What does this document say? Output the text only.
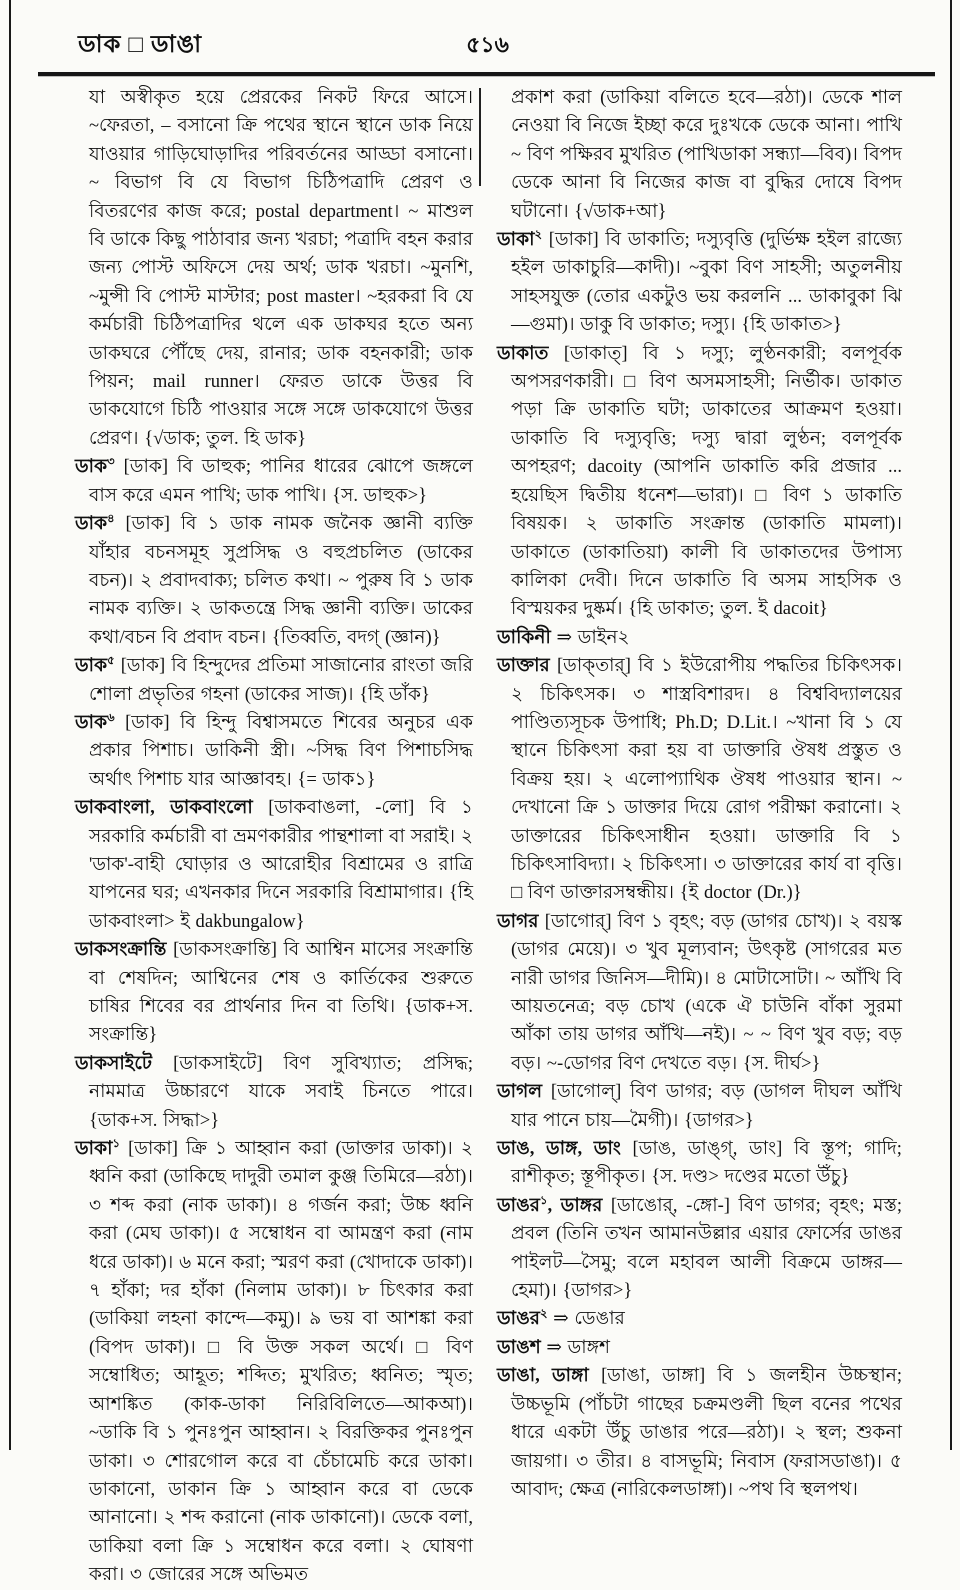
ডাক □ ডাঙা	৫১৬
যা অস্বীকৃত হয়ে প্রেরকের নিকট ফিরে আসে। ~ফেরতা, – বসানো ক্রি পথের স্থানে স্থানে ডাক নিয়ে যাওয়ার গাড়িঘোড়াদির পরিবর্তনের আড্ডা বসানো। ~ বিভাগ বি যে বিভাগ চিঠিপত্রাদি প্রেরণ ও বিতরণের কাজ করে; postal department। ~ মাশুল বি ডাকে কিছু পাঠাবার জন্য খরচা; পত্রাদি বহন করার জন্য পোস্ট অফিসে দেয় অর্থ; ডাক খরচা। ~মুনশি, ~মুন্সী বি পোস্ট মাস্টার; post master। ~হরকরা বি যে কর্মচারী চিঠিপত্রাদির থলে এক ডাকঘর হতে অন্য ডাকঘরে পৌঁছে দেয়, রানার; ডাক বহনকারী; ডাক পিয়ন; mail runner। ফেরত ডাকে উত্তর বি ডাকযোগে চিঠি পাওয়ার সঙ্গে সঙ্গে ডাকযোগে উত্তর প্রেরণ। {√ডাক; তুল. হি ডাক}
ডাক$^৩$ [ডাক] বি ডাহুক; পানির ধারের ঝোপে জঙ্গলে বাস করে এমন পাখি; ডাক পাখি। {স. ডাহুক>}
ডাক$^৪$ [ডাক] বি ১ ডাক নামক জনৈক জ্ঞানী ব্যক্তি যাঁহার বচনসমূহ সুপ্রসিদ্ধ ও বহুপ্রচলিত (ডাকের বচন)। ২ প্রবাদবাক্য; চলিত কথা। ~ পুরুষ বি ১ ডাক নামক ব্যক্তি। ২ ডাকতন্ত্রে সিদ্ধ জ্ঞানী ব্যক্তি। ডাকের কথা/বচন বি প্রবাদ বচন। {তিব্বতি, বদগ্ (জ্ঞান)}
ডাক$^৫$ [ডাক] বি হিন্দুদের প্রতিমা সাজানোর রাংতা জরি শোলা প্রভৃতির গহনা (ডাকের সাজ)। {হি ডাঁক}
ডাক$^৬$ [ডাক] বি হিন্দু বিশ্বাসমতে শিবের অনুচর এক প্রকার পিশাচ। ডাকিনী স্ত্রী। ~সিদ্ধ বিণ পিশাচসিদ্ধ অর্থাৎ পিশাচ যার আজ্ঞাবহ। {= ডাক১}
ডাকবাংলা, ডাকবাংলো [ডাকবাঙলা, -লো] বি ১ সরকারি কর্মচারী বা ভ্রমণকারীর পান্থশালা বা সরাই। ২ 'ডাক'-বাহী ঘোড়ার ও আরোহীর বিশ্রামের ও রাত্রি যাপনের ঘর; এখনকার দিনে সরকারি বিশ্রামাগার। {হি ডাকবাংলা> ই dakbungalow}
ডাকসংক্রান্তি [ডাকসংক্রান্তি] বি আশ্বিন মাসের সংক্রান্তি বা শেষদিন; আশ্বিনের শেষ ও কার্তিকের শুরুতে চাষির শিবের বর প্রার্থনার দিন বা তিথি। {ডাক+স. সংক্রান্তি}
ডাকসাইটে [ডাকসাইটে] বিণ সুবিখ্যাত; প্রসিদ্ধ; নামমাত্র উচ্চারণে যাকে সবাই চিনতে পারে। {ডাক+স. সিদ্ধা>}
ডাকা$^১$ [ডাকা] ক্রি ১ আহ্বান করা (ডাক্তার ডাকা)। ২ ধ্বনি করা (ডাকিছে দাদুরী তমাল কুঞ্জ তিমিরে—রঠা)। ৩ শব্দ করা (নাক ডাকা)। ৪ গর্জন করা; উচ্চ ধ্বনি করা (মেঘ ডাকা)। ৫ সম্বোধন বা আমন্ত্রণ করা (নাম ধরে ডাকা)। ৬ মনে করা; স্মরণ করা (খোদাকে ডাকা)। ৭ হাঁকা; দর হাঁকা (নিলাম ডাকা)। ৮ চিৎকার করা (ডাকিয়া লহনা কান্দে—কমু)। ৯ ভয় বা আশঙ্কা করা (বিপদ ডাকা)। □ বি উক্ত সকল অর্থে। □ বিণ সম্বোধিত; আহূত; শব্দিত; মুখরিত; ধ্বনিত; স্মৃত; আশঙ্কিত (কাক-ডাকা নিরিবিলিতে—আকআ)। ~ডাকি বি ১ পুনঃপুন আহ্বান। ২ বিরক্তিকর পুনঃপুন ডাকা। ৩ শোরগোল করে বা চেঁচামেচি করে ডাকা। ডাকানো, ডাকান ক্রি ১ আহ্বান করে বা ডেকে আনানো। ২ শব্দ করানো (নাক ডাকানো)। ডেকে বলা, ডাকিয়া বলা ক্রি ১ সম্বোধন করে বলা। ২ ঘোষণা করা। ৩ জোরের সঙ্গে অভিমত
প্রকাশ করা (ডাকিয়া বলিতে হবে—রঠা)। ডেকে শাল নেওয়া বি নিজে ইচ্ছা করে দুঃখকে ডেকে আনা। পাখি ~ বিণ পক্ষিরব মুখরিত (পাখিডাকা সন্ধ্যা—বিব)। বিপদ ডেকে আনা বি নিজের কাজ বা বুদ্ধির দোষে বিপদ ঘটানো। {√ডাক+আ}
ডাকা$^২$ [ডাকা] বি ডাকাতি; দস্যুবৃত্তি (দুর্ভিক্ষ হইল রাজ্যে হইল ডাকাচুরি—কাদী)। ~বুকা বিণ সাহসী; অতুলনীয় সাহসযুক্ত (তোর একটুও ভয় করলনি ... ডাকাবুকা ঝি —গুমা)। ডাকু বি ডাকাত; দস্যু। {হি ডাকাত>}
ডাকাত [ডাকাত্] বি ১ দস্যু; লুণ্ঠনকারী; বলপূর্বক অপসরণকারী। □ বিণ অসমসাহসী; নির্ভীক। ডাকাত পড়া ক্রি ডাকাতি ঘটা; ডাকাতের আক্রমণ হওয়া। ডাকাতি বি দস্যুবৃত্তি; দস্যু দ্বারা লুণ্ঠন; বলপূর্বক অপহরণ; dacoity (আপনি ডাকাতি করি প্রজার ... হয়েছিস দ্বিতীয় ধনেশ—ভারা)। □ বিণ ১ ডাকাতি বিষয়ক। ২ ডাকাতি সংক্রান্ত (ডাকাতি মামলা)। ডাকাতে (ডাকাতিয়া) কালী বি ডাকাতদের উপাস্য কালিকা দেবী। দিনে ডাকাতি বি অসম সাহসিক ও বিস্ময়কর দুষ্কর্ম। {হি ডাকাত; তুল. ই dacoit}
ডাকিনী ⇒ ডাইন২
ডাক্তার [ডাক্‌তার্] বি ১ ইউরোপীয় পদ্ধতির চিকিৎসক। ২ চিকিৎসক। ৩ শাস্ত্রবিশারদ। ৪ বিশ্ববিদ্যালয়ের পাণ্ডিত্যসূচক উপাধি; Ph.D; D.Lit.। ~খানা বি ১ যে স্থানে চিকিৎসা করা হয় বা ডাক্তারি ঔষধ প্রস্তুত ও বিক্রয় হয়। ২ এলোপ্যাথিক ঔষধ পাওয়ার স্থান। ~ দেখানো ক্রি ১ ডাক্তার দিয়ে রোগ পরীক্ষা করানো। ২ ডাক্তারের চিকিৎসাধীন হওয়া। ডাক্তারি বি ১ চিকিৎসাবিদ্যা। ২ চিকিৎসা। ৩ ডাক্তারের কার্য বা বৃত্তি। □ বিণ ডাক্তারসম্বন্ধীয়। {ই doctor (Dr.)}
ডাগর [ডাগোর্] বিণ ১ বৃহৎ; বড় (ডাগর চোখ)। ২ বয়স্ক (ডাগর মেয়ে)। ৩ খুব মূল্যবান; উৎকৃষ্ট (সাগরের মত নারী ডাগর জিনিস—দীমি)। ৪ মোটাসোটা। ~ আঁখি বি আয়তনেত্র; বড় চোখ (একে ঐ চাউনি বাঁকা সুরমা আঁকা তায় ডাগর আঁখি—নই)। ~ ~ বিণ খুব বড়; বড় বড়। ~-ডোগর বিণ দেখতে বড়। {স. দীর্ঘ>}
ডাগল [ডাগোল্] বিণ ডাগর; বড় (ডাগল দীঘল আঁখি যার পানে চায়—মৈগী)। {ডাগর>}
ডাঙ, ডাঙ্গ, ডাং [ডাঙ, ডাঙ্গ্, ডাং] বি স্তূপ; গাদি; রাশীকৃত; স্তূপীকৃত। {স. দণ্ড> দণ্ডের মতো উঁচু}
ডাঙর$^১$, ডাঙ্গর [ডাঙোর্, -ঙ্গো-] বিণ ডাগর; বৃহৎ; মস্ত; প্রবল (তিনি তখন আমানউল্লার এয়ার ফোর্সের ডাঙর পাইলট—সৈমু; বলে মহাবল আলী বিক্রমে ডাঙ্গর—হেমা)। {ডাগর>}
ডাঙর$^২$ ⇒ ডেঙার
ডাঙশ ⇒ ডাঙ্গশ
ডাঙা, ডাঙ্গা [ডাঙা, ডাঙ্গা] বি ১ জলহীন উচ্চস্থান; উচ্চভূমি (পাঁচটা গাছের চক্রমণ্ডলী ছিল বনের পথের ধারে একটা উঁচু ডাঙার পরে—রঠা)। ২ স্থল; শুকনা জায়গা। ৩ তীর। ৪ বাসভূমি; নিবাস (ফরাসডাঙা)। ৫ আবাদ; ক্ষেত্র (নারিকেলডাঙ্গা)। ~পথ বি স্থলপথ।
